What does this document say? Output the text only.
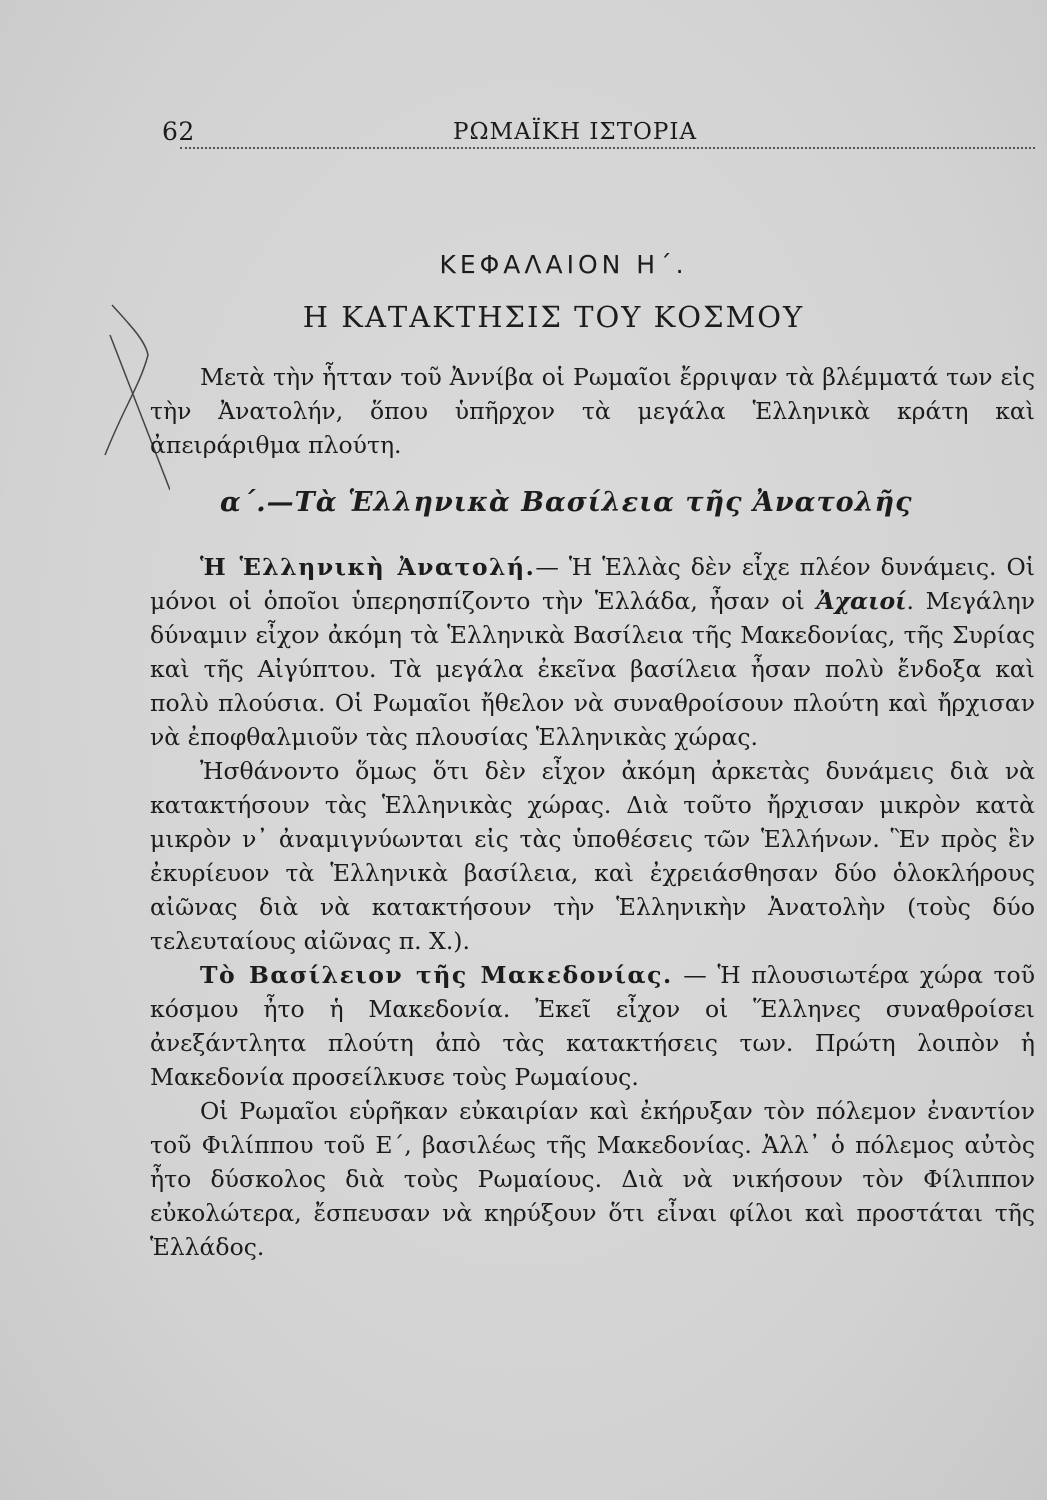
62	ΡΩΜΑΪΚΗ ΙΣΤΟΡΙΑ
ΚΕΦΑΛΑΙΟΝ Η΄.
Η ΚΑΤΑΚΤΗΣΙΣ ΤΟΥ ΚΟΣΜΟΥ
Μετὰ τὴν ἧτταν τοῦ Ἀννίβα οἱ Ρωμαῖοι ἔρριψαν τὰ βλέμματά των εἰς τὴν Ἀνατολήν, ὅπου ὑπῆρχον τὰ μεγάλα Ἑλληνικὰ κράτη καὶ ἀπειράριθμα πλούτη.
α΄.—Τὰ Ἑλληνικὰ Βασίλεια τῆς Ἀνατολῆς

Ἡ Ἑλληνικὴ Ἀνατολή.— Ἡ Ἑλλὰς δὲν εἶχε πλέον δυνάμεις. Οἱ μόνοι οἱ ὁποῖοι ὑπερησπίζοντο τὴν Ἑλλάδα, ἦσαν οἱ Ἀχαιοί. Μεγάλην δύναμιν εἶχον ἀκόμη τὰ Ἑλληνικὰ Βασίλεια τῆς Μακεδονίας, τῆς Συρίας καὶ τῆς Αἰγύπτου. Τὰ μεγάλα ἐκεῖνα βασίλεια ἦσαν πολὺ ἔνδοξα καὶ πολὺ πλούσια. Οἱ Ρωμαῖοι ἤθελον νὰ συναθροίσουν πλούτη καὶ ἤρχισαν νὰ ἐποφθαλμιοῦν τὰς πλουσίας Ἑλληνικὰς χώρας.

Ἠσθάνοντο ὅμως ὅτι δὲν εἶχον ἀκόμη ἀρκετὰς δυνάμεις διὰ νὰ κατακτήσουν τὰς Ἑλληνικὰς χώρας. Διὰ τοῦτο ἤρχισαν μικρὸν κατὰ μικρὸν ν᾽ ἀναμιγνύωνται εἰς τὰς ὑποθέσεις τῶν Ἑλλήνων. Ἓν πρὸς ἓν ἐκυρίευον τὰ Ἑλληνικὰ βασίλεια, καὶ ἐχρειάσθησαν δύο ὁλοκλήρους αἰῶνας διὰ νὰ κατακτήσουν τὴν Ἑλληνικὴν Ἀνατολὴν (τοὺς δύο τελευταίους αἰῶνας π. Χ.).

Τὸ Βασίλειον τῆς Μακεδονίας. — Ἡ πλουσιωτέρα χώρα τοῦ κόσμου ἦτο ἡ Μακεδονία. Ἐκεῖ εἶχον οἱ Ἕλληνες συναθροίσει ἀνεξάντλητα πλούτη ἀπὸ τὰς κατακτήσεις των. Πρώτη λοιπὸν ἡ Μακεδονία προσείλκυσε τοὺς Ρωμαίους.

Οἱ Ρωμαῖοι εὑρῆκαν εὐκαιρίαν καὶ ἐκήρυξαν τὸν πόλεμον ἐναντίον τοῦ Φιλίππου τοῦ Ε΄, βασιλέως τῆς Μακεδονίας. Ἀλλ᾽ ὁ πόλεμος αὐτὸς ἦτο δύσκολος διὰ τοὺς Ρωμαίους. Διὰ νὰ νικήσουν τὸν Φίλιππον εὐκολώτερα, ἔσπευσαν νὰ κηρύξουν ὅτι εἶναι φίλοι καὶ προστάται τῆς Ἑλλάδος.
